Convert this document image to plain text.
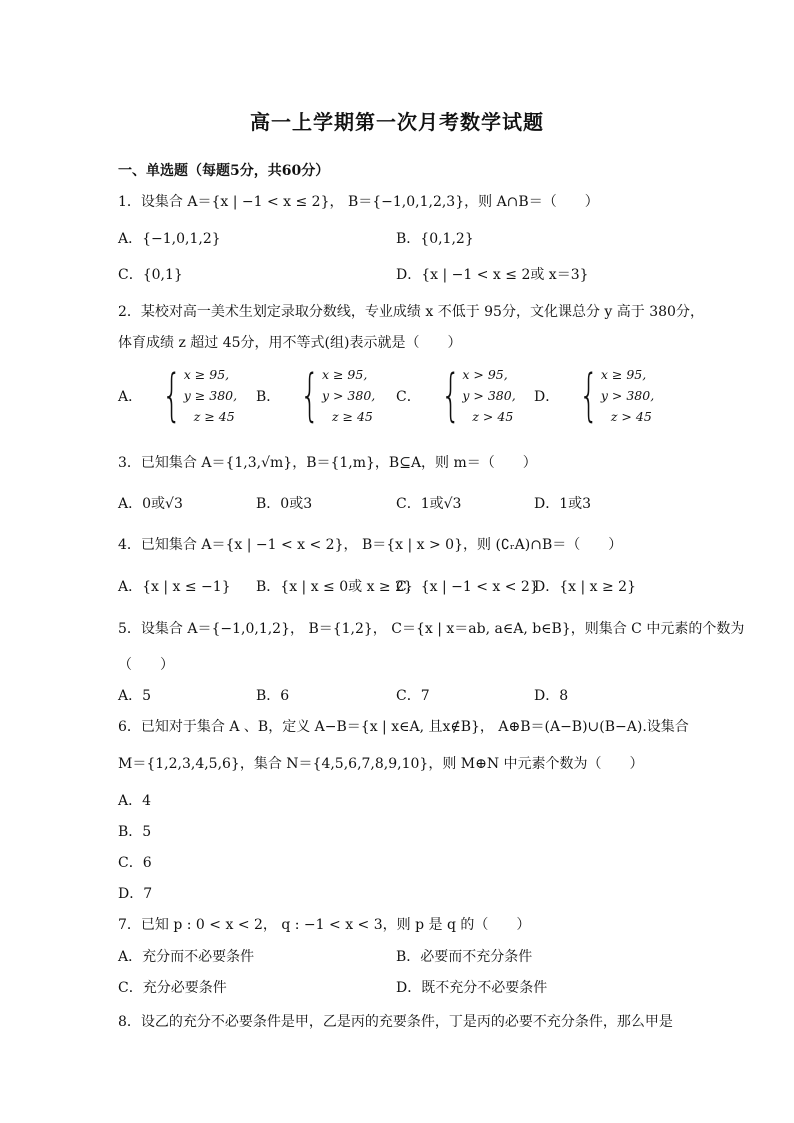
高一上学期第一次月考数学试题
一、单选题（每题5分，共60分）
1．设集合 A＝{x | −1 < x ≤ 2}， B＝{−1,0,1,2,3}，则 A∩B＝（　　）
A．{−1,0,1,2}	B．{0,1,2}
C．{0,1}	D．{x | −1 < x ≤ 2或 x＝3}
2．某校对高一美术生划定录取分数线，专业成绩 x 不低于 95分，文化课总分 y 高于 380分，
体育成绩 z 超过 45分，用不等式(组)表示就是（　　）
A． { x ≥ 95,
y ≥ 380,
z ≥ 45
B． { x ≥ 95,
y > 380,
z ≥ 45
C． { x > 95,
y > 380,
z > 45
D． { x ≥ 95,
y > 380,
z > 45
3．已知集合 A＝{1,3,√m}，B＝{1,m}，B⊆A，则 m＝（　　）
A．0或√3	B．0或3	C．1或√3	D．1或3
4．已知集合 A＝{x | −1 < x < 2}， B＝{x | x > 0}，则 (∁ᵣA)∩B＝（　　）
A．{x | x ≤ −1} B．{x | x ≤ 0或 x ≥ 2}
C．{x | −1 < x < 2}
D．{x | x ≥ 2}
5．设集合 A＝{−1,0,1,2}， B＝{1,2}， C＝{x | x＝ab, a∈A, b∈B}，则集合 C 中元素的个数为
（　　）
A．5	B．6	C．7	D．8
6．已知对于集合 A 、B，定义 A−B＝{x | x∈A, 且x∉B}， A⊕B＝(A−B)∪(B−A).设集合
M＝{1,2,3,4,5,6}，集合 N＝{4,5,6,7,8,9,10}，则 M⊕N 中元素个数为（　　）
A．4
B．5
C．6
D．7
7．已知 p : 0 < x < 2， q : −1 < x < 3，则 p 是 q 的（　　）
A．充分而不必要条件	B．必要而不充分条件
C．充分必要条件	D．既不充分不必要条件
8．设乙的充分不必要条件是甲，乙是丙的充要条件，丁是丙的必要不充分条件，那么甲是
